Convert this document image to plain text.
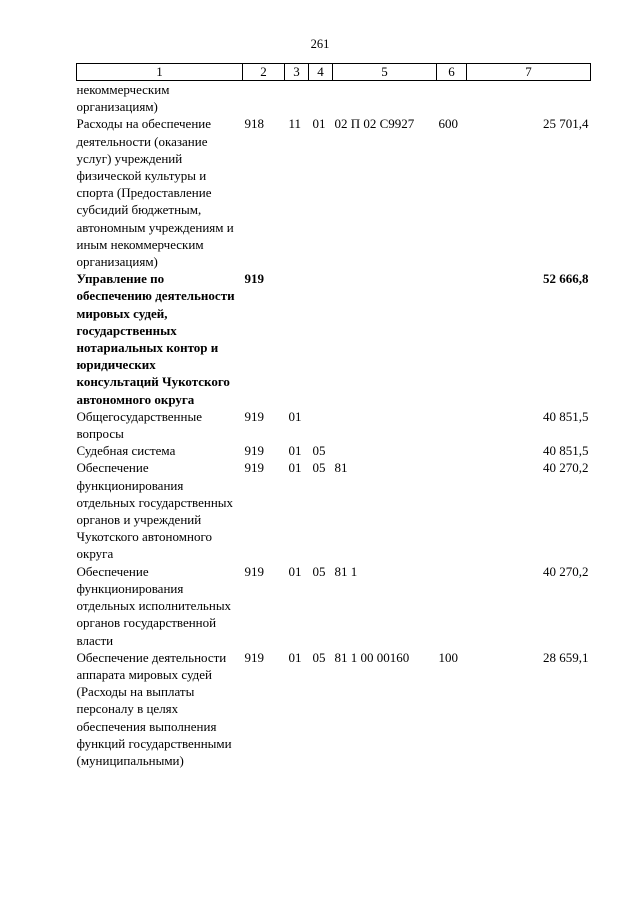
261
1	2	3	4	5	6	7
некоммерческим организациям)						
Расходы на обеспечение деятельности (оказание услуг) учреждений физической культуры и спорта (Предоставление субсидий бюджетным, автономным учреждениям и иным некоммерческим организациям)	918	11	01	02 П 02 С9927	600	25 701,4
Управление по обеспечению деятельности мировых судей, государственных нотариальных контор и юридических консультаций Чукотского автономного округа	919					52 666,8
Общегосударственные вопросы	919	01				40 851,5
Судебная система	919	01	05			40 851,5
Обеспечение функционирования отдельных государственных органов и учреждений Чукотского автономного округа	919	01	05	81		40 270,2
Обеспечение функционирования отдельных исполнительных органов государственной власти	919	01	05	81 1		40 270,2
Обеспечение деятельности аппарата мировых судей (Расходы на выплаты персоналу в целях обеспечения выполнения функций государственными (муниципальными)	919	01	05	81 1 00 00160	100	28 659,1
